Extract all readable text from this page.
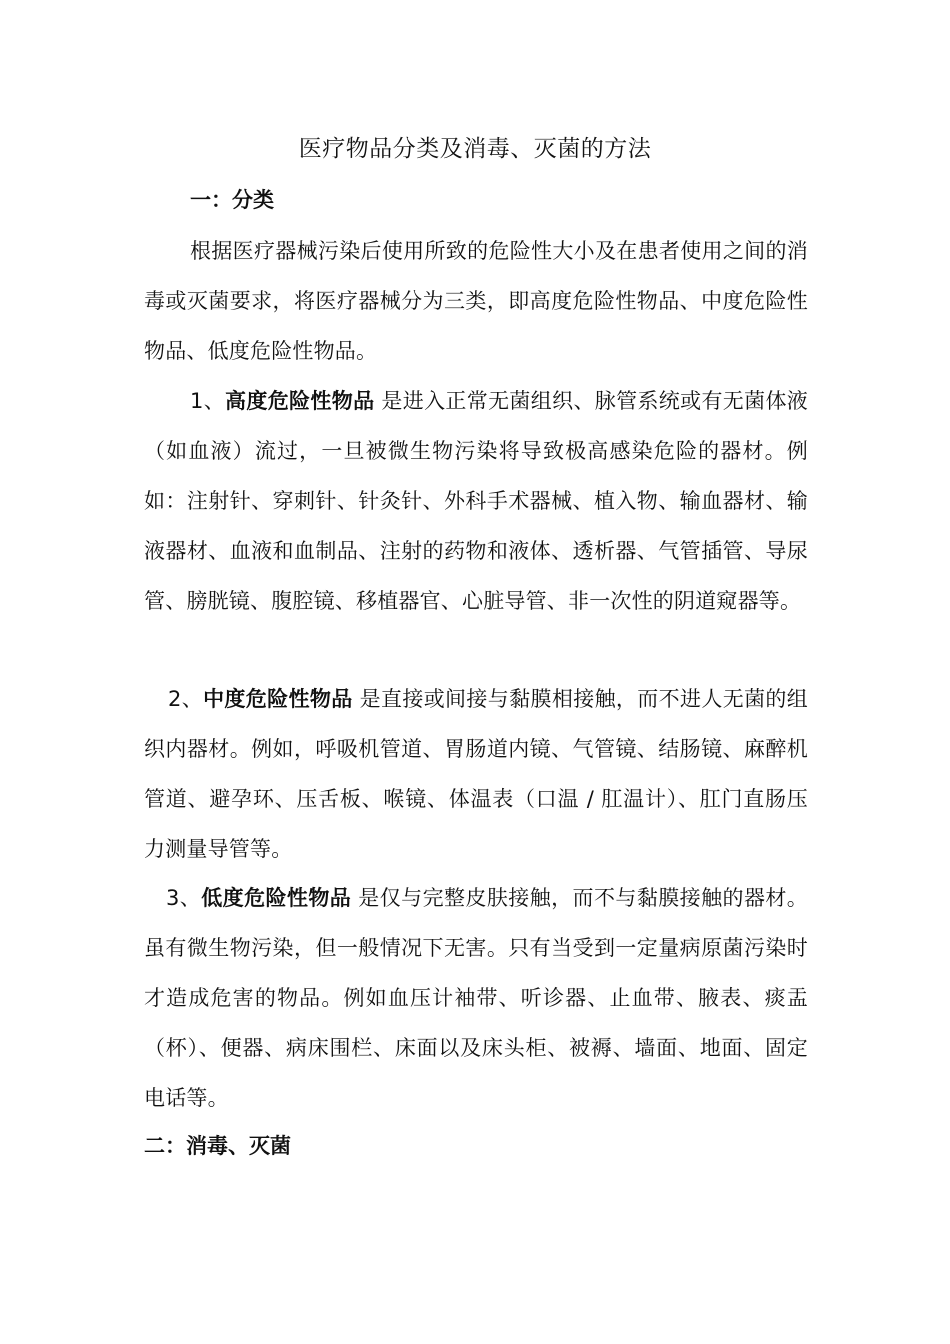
医疗物品分类及消毒、灭菌的方法
一：分类

根据医疗器械污染后使用所致的危险性大小及在患者使用之间的消毒或灭菌要求，将医疗器械分为三类，即高度危险性物品、中度危险性物品、低度危险性物品。

1、高度危险性物品 是进入正常无菌组织、脉管系统或有无菌体液（如血液）流过，一旦被微生物污染将导致极高感染危险的器材。例如：注射针、穿刺针、针灸针、外科手术器械、植入物、输血器材、输液器材、血液和血制品、注射的药物和液体、透析器、气管插管、导尿管、膀胱镜、腹腔镜、移植器官、心脏导管、非一次性的阴道窥器等。

2、中度危险性物品 是直接或间接与黏膜相接触，而不进人无菌的组织内器材。例如，呼吸机管道、胃肠道内镜、气管镜、结肠镜、麻醉机管道、避孕环、压舌板、喉镜、体温表（口温 / 肛温计）、肛门直肠压力测量导管等。

3、低度危险性物品 是仅与完整皮肤接触，而不与黏膜接触的器材。虽有微生物污染，但一般情况下无害。只有当受到一定量病原菌污染时才造成危害的物品。例如血压计袖带、听诊器、止血带、腋表、痰盂（杯）、便器、病床围栏、床面以及床头柜、被褥、墙面、地面、固定电话等。

二：消毒、灭菌
